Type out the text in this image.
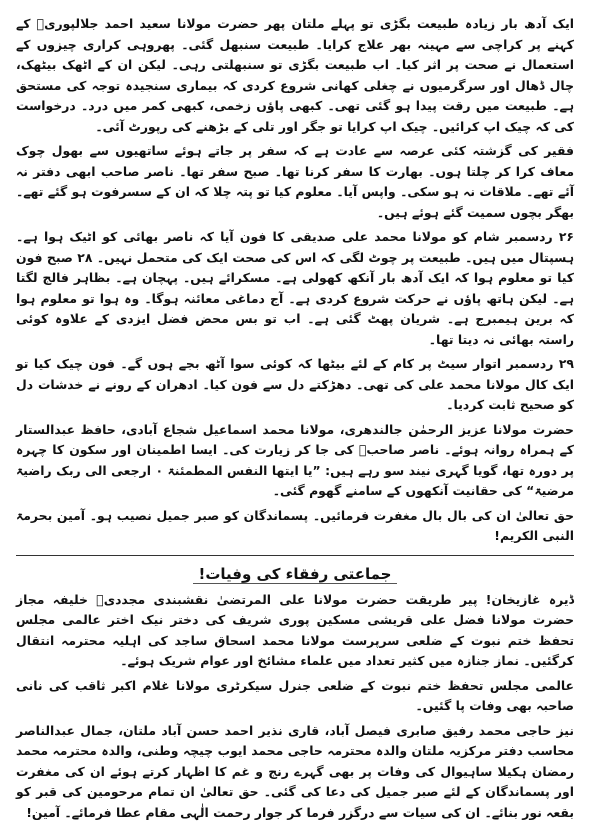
ایک آدھ بار زیادہ طبیعت بگڑی تو پہلے ملتان پھر حضرت مولانا سعید احمد جلالپوریؒ کے کہنے پر کراچی سے مہینہ بھر علاج کرایا۔ طبیعت سنبھل گئی۔ پھروہی کراری چیزوں کے استعمال نے صحت پر اثر کیا۔ اب طبیعت بگڑی تو سنبھلتی رہی۔ لیکن ان کے اٹھک بیٹھک، چال ڈھال اور سرگرمیوں نے چغلی کھانی شروع کردی کہ بیماری سنجیدہ توجہ کی مستحق ہے۔ طبیعت میں رقت پیدا ہو گئی تھی۔ کبھی پاؤں زخمی، کبھی کمر میں درد۔ درخواست کی کہ چیک اپ کرائیں۔ چیک اپ کرایا تو جگر اور تلی کے بڑھنے کی رپورٹ آئی۔

فقیر کی گزشتہ کئی عرصہ سے عادت ہے کہ سفر پر جاتے ہوئے ساتھیوں سے بھول چوک معاف کرا کر چلتا ہوں۔ بھارت کا سفر کرنا تھا۔ صبح سفر تھا۔ ناصر صاحب ابھی دفتر نہ آئے تھے۔ ملاقات نہ ہو سکی۔ واپس آیا۔ معلوم کیا تو پتہ چلا کہ ان کے سسرفوت ہو گئے تھے۔ بھگر بچوں سمیت گئے ہوئے ہیں۔

۲۶ ردسمبر شام کو مولانا محمد علی صدیقی کا فون آیا کہ ناصر بھائی کو اٹیک ہوا ہے۔ ہسپتال میں ہیں۔ طبیعت پر چوٹ لگی کہ اس کی صحت ایک کی متحمل نہیں۔ ۲۸ صبح فون کیا تو معلوم ہوا کہ ایک آدھ بار آنکھ کھولی ہے۔ مسکرائے ہیں۔ پہچان ہے۔ بظاہر فالج لگتا ہے۔ لیکن ہاتھ پاؤں نے حرکت شروع کردی ہے۔ آج دماغی معائنہ ہوگا۔ وہ ہوا تو معلوم ہوا کہ برین ہیمبرج ہے۔ شریان پھٹ گئی ہے۔ اب تو بس محض فضل ایزدی کے علاوہ کوئی راستہ بھائی نہ دیتا تھا۔

۲۹ ردسمبر اتوار سیٹ پر کام کے لئے بیٹھا کہ کوئی سوا آٹھ بجے ہوں گے۔ فون چیک کیا تو ایک کال مولانا محمد علی کی تھی۔ دھڑکتے دل سے فون کیا۔ ادھران کے رونے نے خدشات دل کو صحیح ثابت کردیا۔

حضرت مولانا عزیز الرحمٰن جالندھری، مولانا محمد اسماعیل شجاع آبادی، حافظ عبدالستار کے ہمراہ روانہ ہوئے۔ ناصر صاحبؒ کی جا کر زیارت کی۔ ایسا اطمینان اور سکون کا چہرہ پر دورہ تھا، گویا گہری نیند سو رہے ہیں: ”یا ایتھا النفس المطمئنۃ ۰ ارجعی الی ربک راضیۃ مرضیۃ“ کی حقانیت آنکھوں کے سامنے گھوم گئی۔

حق تعالیٰ ان کی بال بال مغفرت فرمائیں۔ پسماندگان کو صبر جمیل نصیب ہو۔ آمین بحرمۃ النبی الکریم!

جماعتی رفقاء کی وفیات!

ڈیرہ غازیخان! پیر طریقت حضرت مولانا علی المرتضیٰ نقشبندی مجددیؒ خلیفہ مجاز حضرت مولانا فضل علی قریشی مسکین پوری شریف کی دختر نیک اختر عالمی مجلس تحفظ ختم نبوت کے ضلعی سرپرست مولانا محمد اسحاق ساجد کی اہلیہ محترمہ انتقال کرگئیں۔ نماز جنازہ میں کثیر تعداد میں علماء مشائخ اور عوام شریک ہوئے۔

عالمی مجلس تحفظ ختم نبوت کے ضلعی جنرل سیکرٹری مولانا غلام اکبر ثاقب کی نانی صاحبہ بھی وفات پا گئیں۔

نیز حاجی محمد رفیق صابری فیصل آباد، قاری نذیر احمد حسن آباد ملتان، جمال عبدالناصر محاسب دفتر مرکزیہ ملتان والدہ محترمہ حاجی محمد ایوب چیچہ وطنی، والدہ محترمہ محمد رمضان ہکیلا ساہیوال کی وفات پر بھی گہرے رنج و غم کا اظہار کرتے ہوئے ان کی مغفرت اور پسماندگان کے لئے صبر جمیل کی دعا کی گئی۔ حق تعالیٰ ان تمام مرحومین کی قبر کو بقعہ نور بنائے۔ ان کی سیات سے درگزر فرما کر جوار رحمت الٰہی مقام عطا فرمائے۔ آمین!
